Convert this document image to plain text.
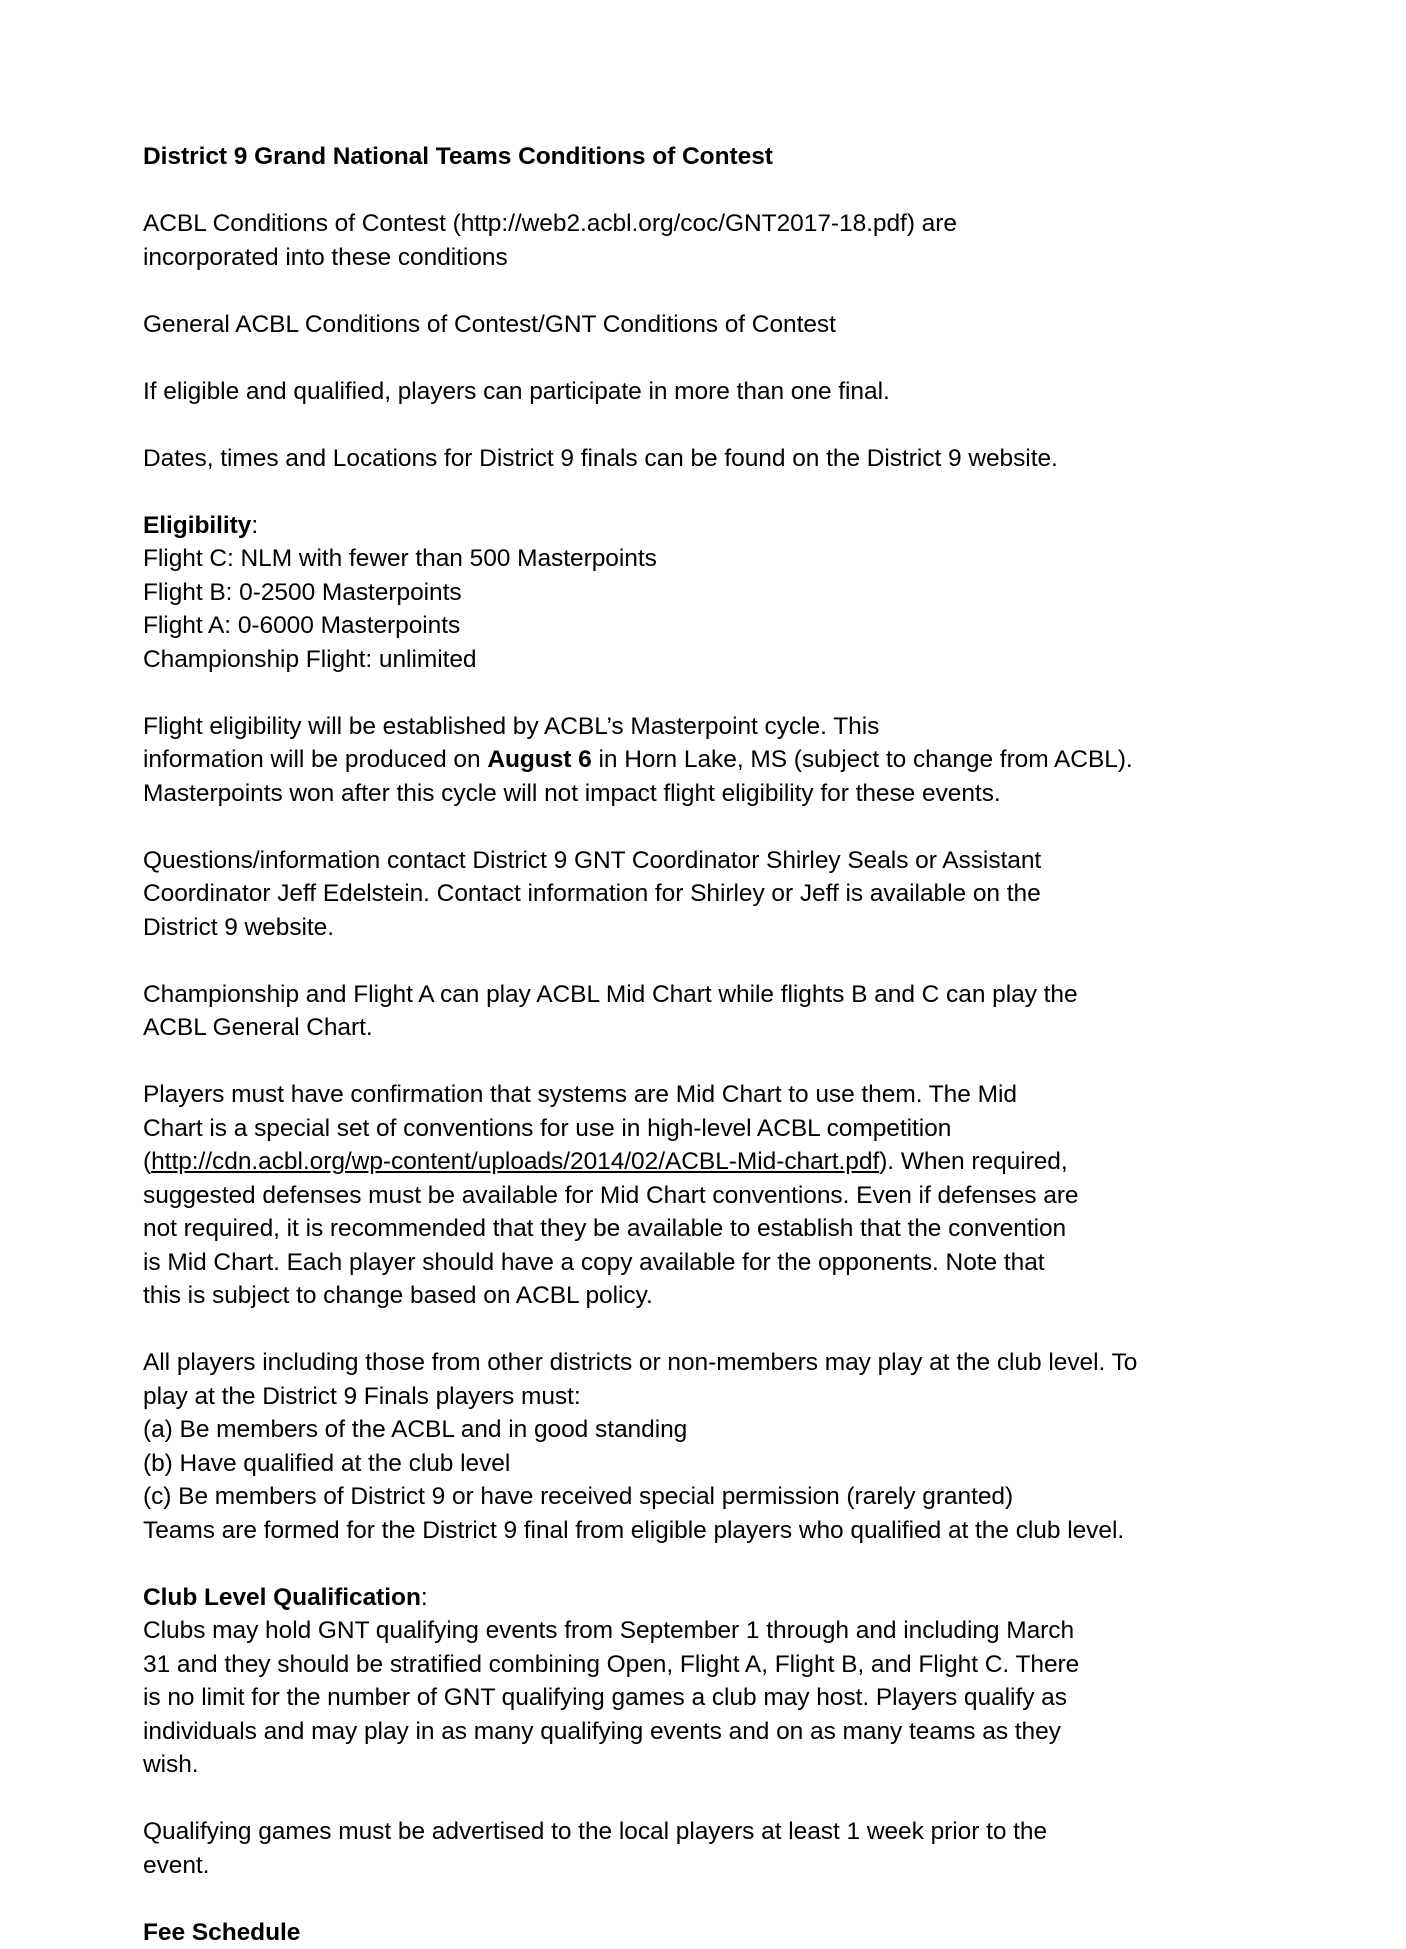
District 9 Grand National Teams Conditions of Contest

ACBL Conditions of Contest (http://web2.acbl.org/coc/GNT2017-18.pdf) are incorporated into these conditions

General ACBL Conditions of Contest/GNT Conditions of Contest

If eligible and qualified, players can participate in more than one final.

Dates, times and Locations for District 9 finals can be found on the District 9 website.

Eligibility:

Flight C: NLM with fewer than 500 Masterpoints

Flight B: 0-2500 Masterpoints

Flight A: 0-6000 Masterpoints

Championship Flight: unlimited

Flight eligibility will be established by ACBL’s Masterpoint cycle. This

information will be produced on August 6 in Horn Lake, MS (subject to change from ACBL).

Masterpoints won after this cycle will not impact flight eligibility for these events.

Questions/information contact District 9 GNT Coordinator Shirley Seals or Assistant Coordinator Jeff Edelstein. Contact information for Shirley or Jeff is available on the District 9 website.

Championship and Flight A can play ACBL Mid Chart while flights B and C can play the ACBL General Chart.

Players must have confirmation that systems are Mid Chart to use them. The Mid Chart is a special set of conventions for use in high-level ACBL competition (http://cdn.acbl.org/wp-content/uploads/2014/02/ACBL-Mid-chart.pdf). When required, suggested defenses must be available for Mid Chart conventions. Even if defenses are not required, it is recommended that they be available to establish that the convention is Mid Chart. Each player should have a copy available for the opponents. Note that this is subject to change based on ACBL policy.

All players including those from other districts or non-members may play at the club level. To

play at the District 9 Finals players must:

(a) Be members of the ACBL and in good standing

(b) Have qualified at the club level

(c) Be members of District 9 or have received special permission (rarely granted)

Teams are formed for the District 9 final from eligible players who qualified at the club level.

Club Level Qualification:

Clubs may hold GNT qualifying events from September 1 through and including March 31 and they should be stratified combining Open, Flight A, Flight B, and Flight C. There is no limit for the number of GNT qualifying games a club may host. Players qualify as individuals and may play in as many qualifying events and on as many teams as they wish.

Qualifying games must be advertised to the local players at least 1 week prior to the event.

Fee Schedule
